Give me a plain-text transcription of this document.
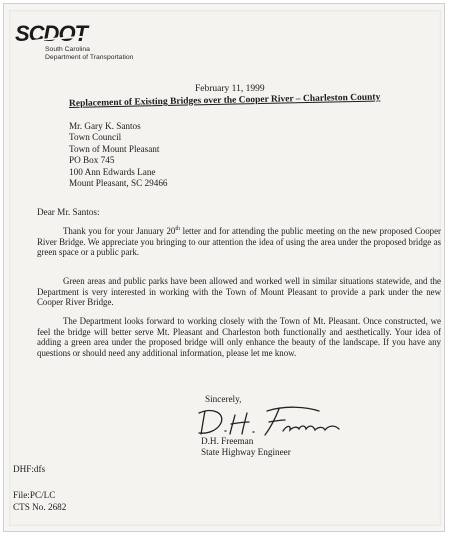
SCDOT
South Carolina
Department of Transportation
February 11, 1999
Replacement of Existing Bridges over the Cooper River – Charleston County
Mr. Gary K. Santos
Town Council
Town of Mount Pleasant
PO Box 745
100 Ann Edwards Lane
Mount Pleasant, SC 29466
Dear Mr. Santos:
Thank you for your January 20th letter and for attending the public meeting on the new proposed Cooper River Bridge. We appreciate you bringing to our attention the idea of using the area under the proposed bridge as green space or a public park.
Green areas and public parks have been allowed and worked well in similar situations statewide, and the Department is very interested in working with the Town of Mount Pleasant to provide a park under the new Cooper River Bridge.
The Department looks forward to working closely with the Town of Mt. Pleasant. Once constructed, we feel the bridge will better serve Mt. Pleasant and Charleston both functionally and aesthetically. Your idea of adding a green area under the proposed bridge will only enhance the beauty of the landscape. If you have any questions or should need any additional information, please let me know.
Sincerely,
D.H. Freeman
State Highway Engineer
DHF:dfs
File:PC/LC
CTS No. 2682
